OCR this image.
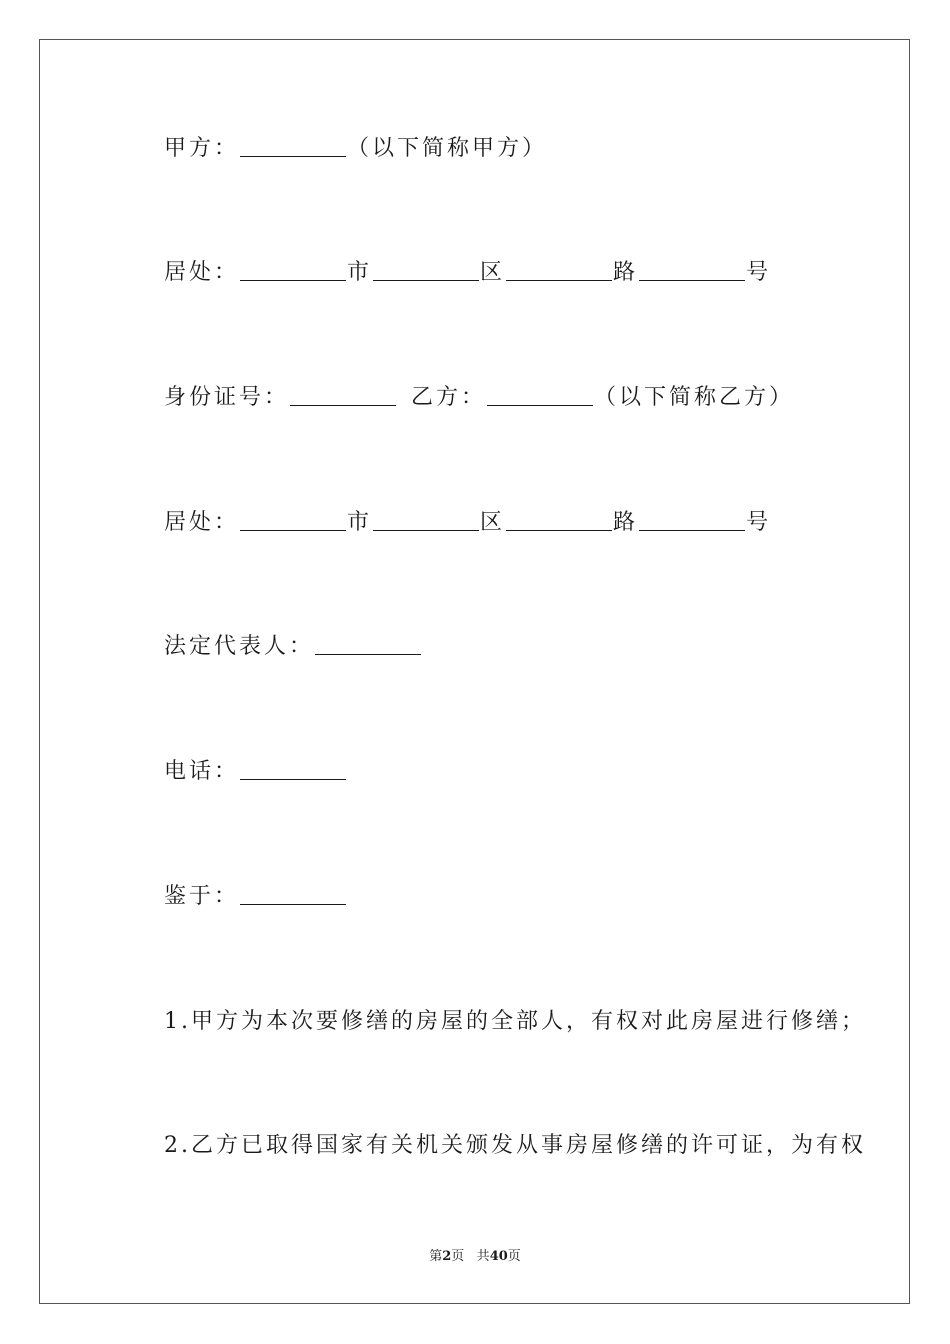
甲方：	（以下简称甲方）
居处：	市	区	路	号
身份证号：	乙方：	（以下简称乙方）
居处：	市	区	路	号
法定代表人：
电话：
鉴于：
1.甲方为本次要修缮的房屋的全部人，有权对此房屋进行修缮；
2.乙方已取得国家有关机关颁发从事房屋修缮的许可证，为有权
第2页 共40页
